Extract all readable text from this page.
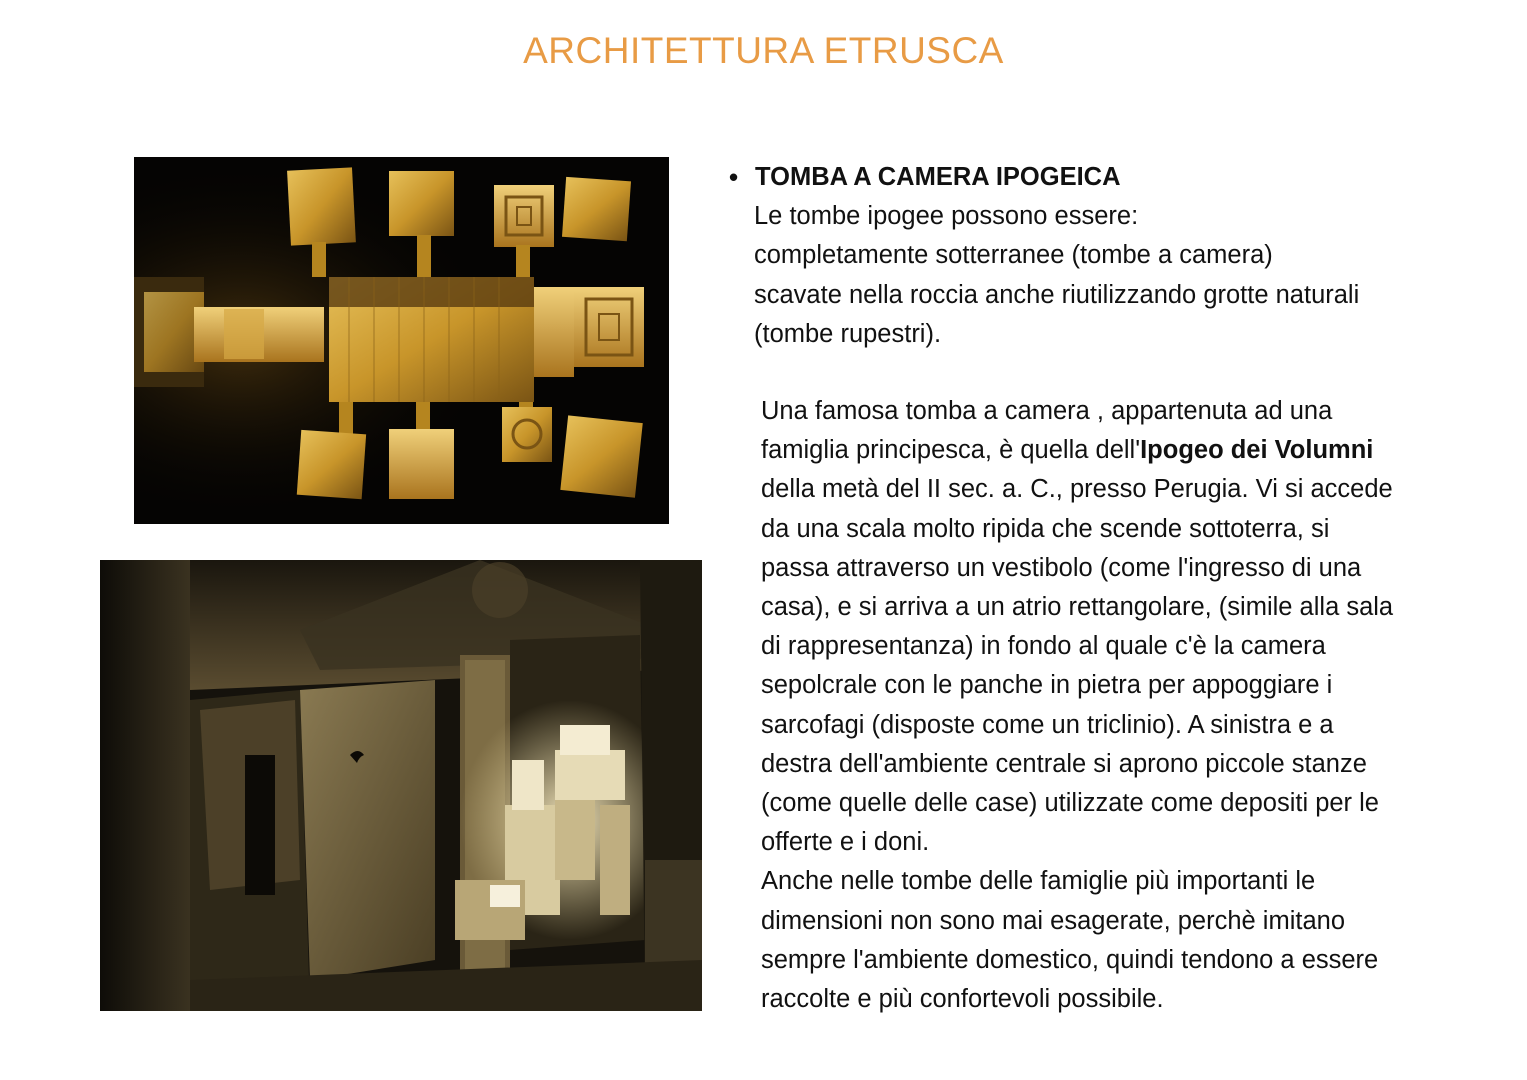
ARCHITETTURA ETRUSCA
• TOMBA A CAMERA IPOGEICA
Le tombe ipogee possono essere:
completamente sotterranee (tombe a camera)
scavate nella roccia anche riutilizzando grotte naturali
(tombe rupestri).
Una famosa tomba a camera , appartenuta ad una
famiglia principesca, è quella dell'Ipogeo dei Volumni
della metà del II sec. a. C., presso Perugia. Vi si accede
da una scala molto ripida che scende sottoterra, si
passa attraverso un vestibolo (come l'ingresso di una
casa), e si arriva a un atrio rettangolare, (simile alla sala
di rappresentanza) in fondo al quale c'è la camera
sepolcrale con le panche in pietra per appoggiare i
sarcofagi (disposte come un triclinio). A sinistra e a
destra dell'ambiente centrale si aprono piccole stanze
(come quelle delle case) utilizzate come depositi per le
offerte e i doni.
Anche nelle tombe delle famiglie più importanti le
dimensioni non sono mai esagerate, perchè imitano
sempre l'ambiente domestico, quindi tendono a essere
raccolte e più confortevoli possibile.
